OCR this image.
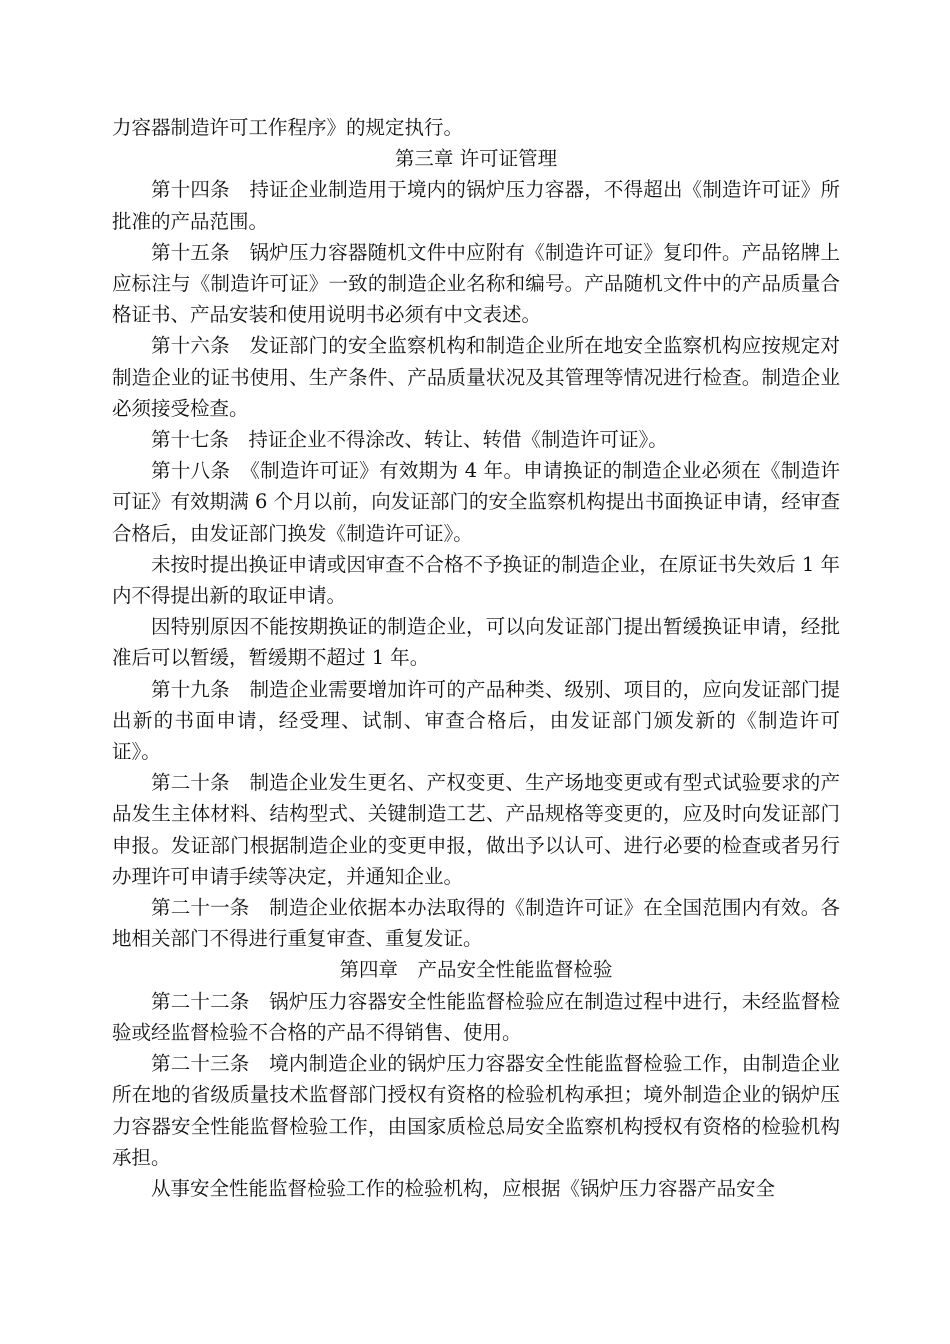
力容器制造许可工作程序》的规定执行。

第三章 许可证管理

第十四条　持证企业制造用于境内的锅炉压力容器，不得超出《制造许可证》所批准的产品范围。

第十五条　锅炉压力容器随机文件中应附有《制造许可证》复印件。产品铭牌上应标注与《制造许可证》一致的制造企业名称和编号。产品随机文件中的产品质量合格证书、产品安装和使用说明书必须有中文表述。

第十六条　发证部门的安全监察机构和制造企业所在地安全监察机构应按规定对制造企业的证书使用、生产条件、产品质量状况及其管理等情况进行检查。制造企业必须接受检查。

第十七条　持证企业不得涂改、转让、转借《制造许可证》。

第十八条　《制造许可证》有效期为 4 年。申请换证的制造企业必须在《制造许可证》有效期满 6 个月以前，向发证部门的安全监察机构提出书面换证申请，经审查合格后，由发证部门换发《制造许可证》。

未按时提出换证申请或因审查不合格不予换证的制造企业，在原证书失效后 1 年内不得提出新的取证申请。

因特别原因不能按期换证的制造企业，可以向发证部门提出暂缓换证申请，经批准后可以暂缓，暂缓期不超过 1 年。

第十九条　制造企业需要增加许可的产品种类、级别、项目的，应向发证部门提出新的书面申请，经受理、试制、审查合格后，由发证部门颁发新的《制造许可证》。

第二十条　制造企业发生更名、产权变更、生产场地变更或有型式试验要求的产品发生主体材料、结构型式、关键制造工艺、产品规格等变更的，应及时向发证部门申报。发证部门根据制造企业的变更申报，做出予以认可、进行必要的检查或者另行办理许可申请手续等决定，并通知企业。

第二十一条　制造企业依据本办法取得的《制造许可证》在全国范围内有效。各地相关部门不得进行重复审查、重复发证。

第四章　产品安全性能监督检验

第二十二条　锅炉压力容器安全性能监督检验应在制造过程中进行，未经监督检验或经监督检验不合格的产品不得销售、使用。

第二十三条　境内制造企业的锅炉压力容器安全性能监督检验工作，由制造企业所在地的省级质量技术监督部门授权有资格的检验机构承担；境外制造企业的锅炉压力容器安全性能监督检验工作，由国家质检总局安全监察机构授权有资格的检验机构承担。

从事安全性能监督检验工作的检验机构，应根据《锅炉压力容器产品安全
